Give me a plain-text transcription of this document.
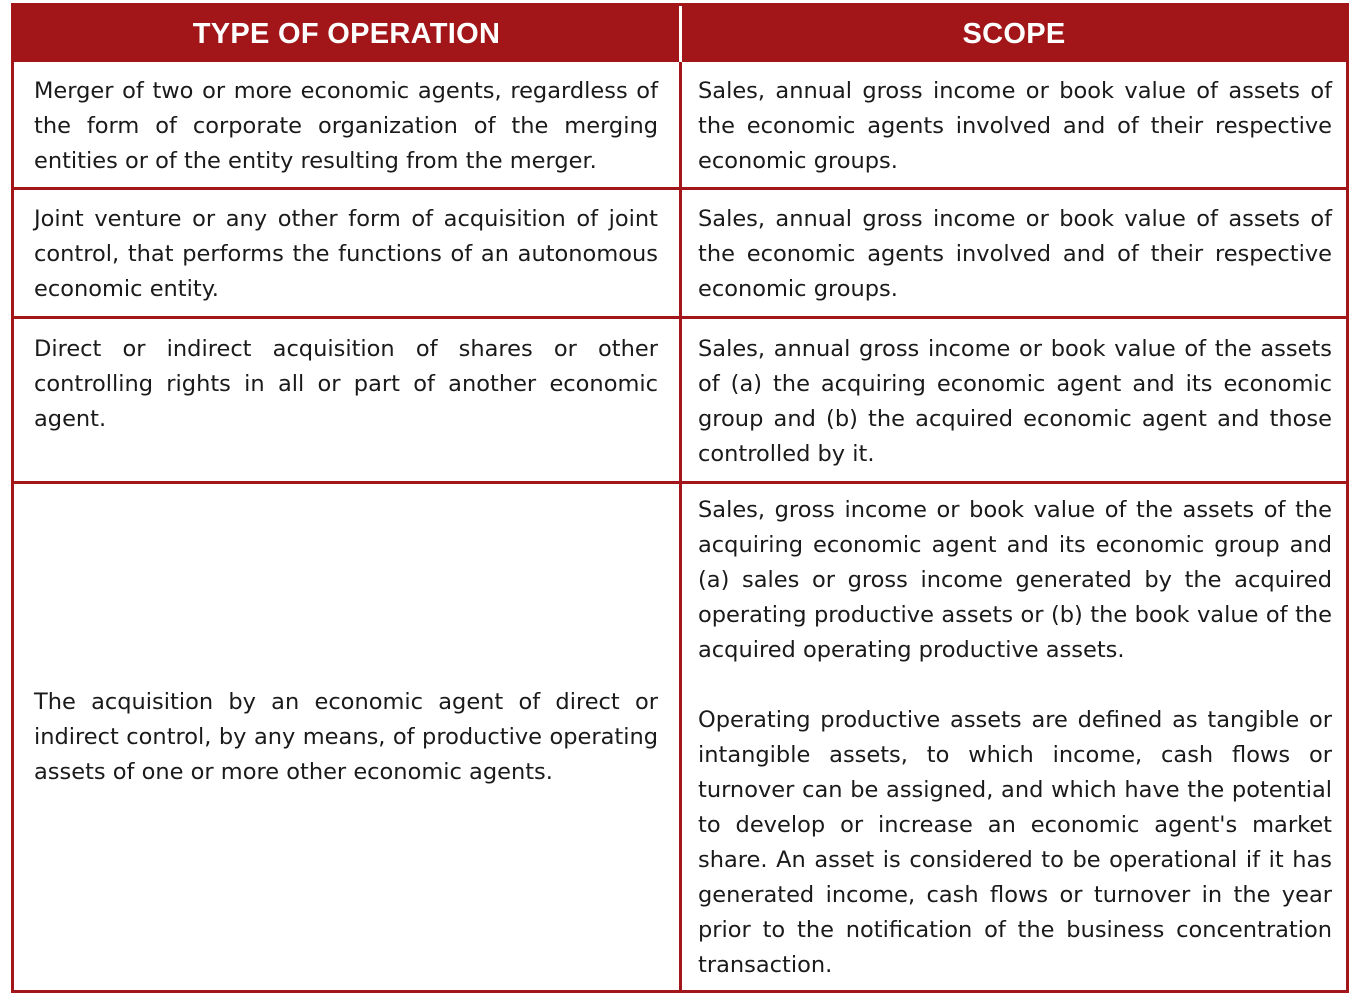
TYPE OF OPERATION	SCOPE
Merger of two or more economic agents, regardless of the form of corporate organization of the merging entities or of the entity resulting from the merger.
Sales, annual gross income or book value of assets of the economic agents involved and of their respective economic groups.
Joint venture or any other form of acquisition of joint control, that performs the functions of an autonomous economic entity.
Sales, annual gross income or book value of assets of the economic agents involved and of their respective economic groups.
Direct or indirect acquisition of shares or other controlling rights in all or part of another economic agent.
Sales, annual gross income or book value of the assets of (a) the acquiring economic agent and its economic group and (b) the acquired economic agent and those controlled by it.
The acquisition by an economic agent of direct or indirect control, by any means, of productive operating assets of one or more other economic agents.

Sales, gross income or book value of the assets of the acquiring economic agent and its economic group and (a) sales or gross income generated by the acquired operating productive assets or (b) the book value of the acquired operating productive assets.

Operating productive assets are defined as tangible or intangible assets, to which income, cash flows or turnover can be assigned, and which have the potential to develop or increase an economic agent's market share. An asset is considered to be operational if it has generated income, cash flows or turnover in the year prior to the notification of the business concentration transaction.
